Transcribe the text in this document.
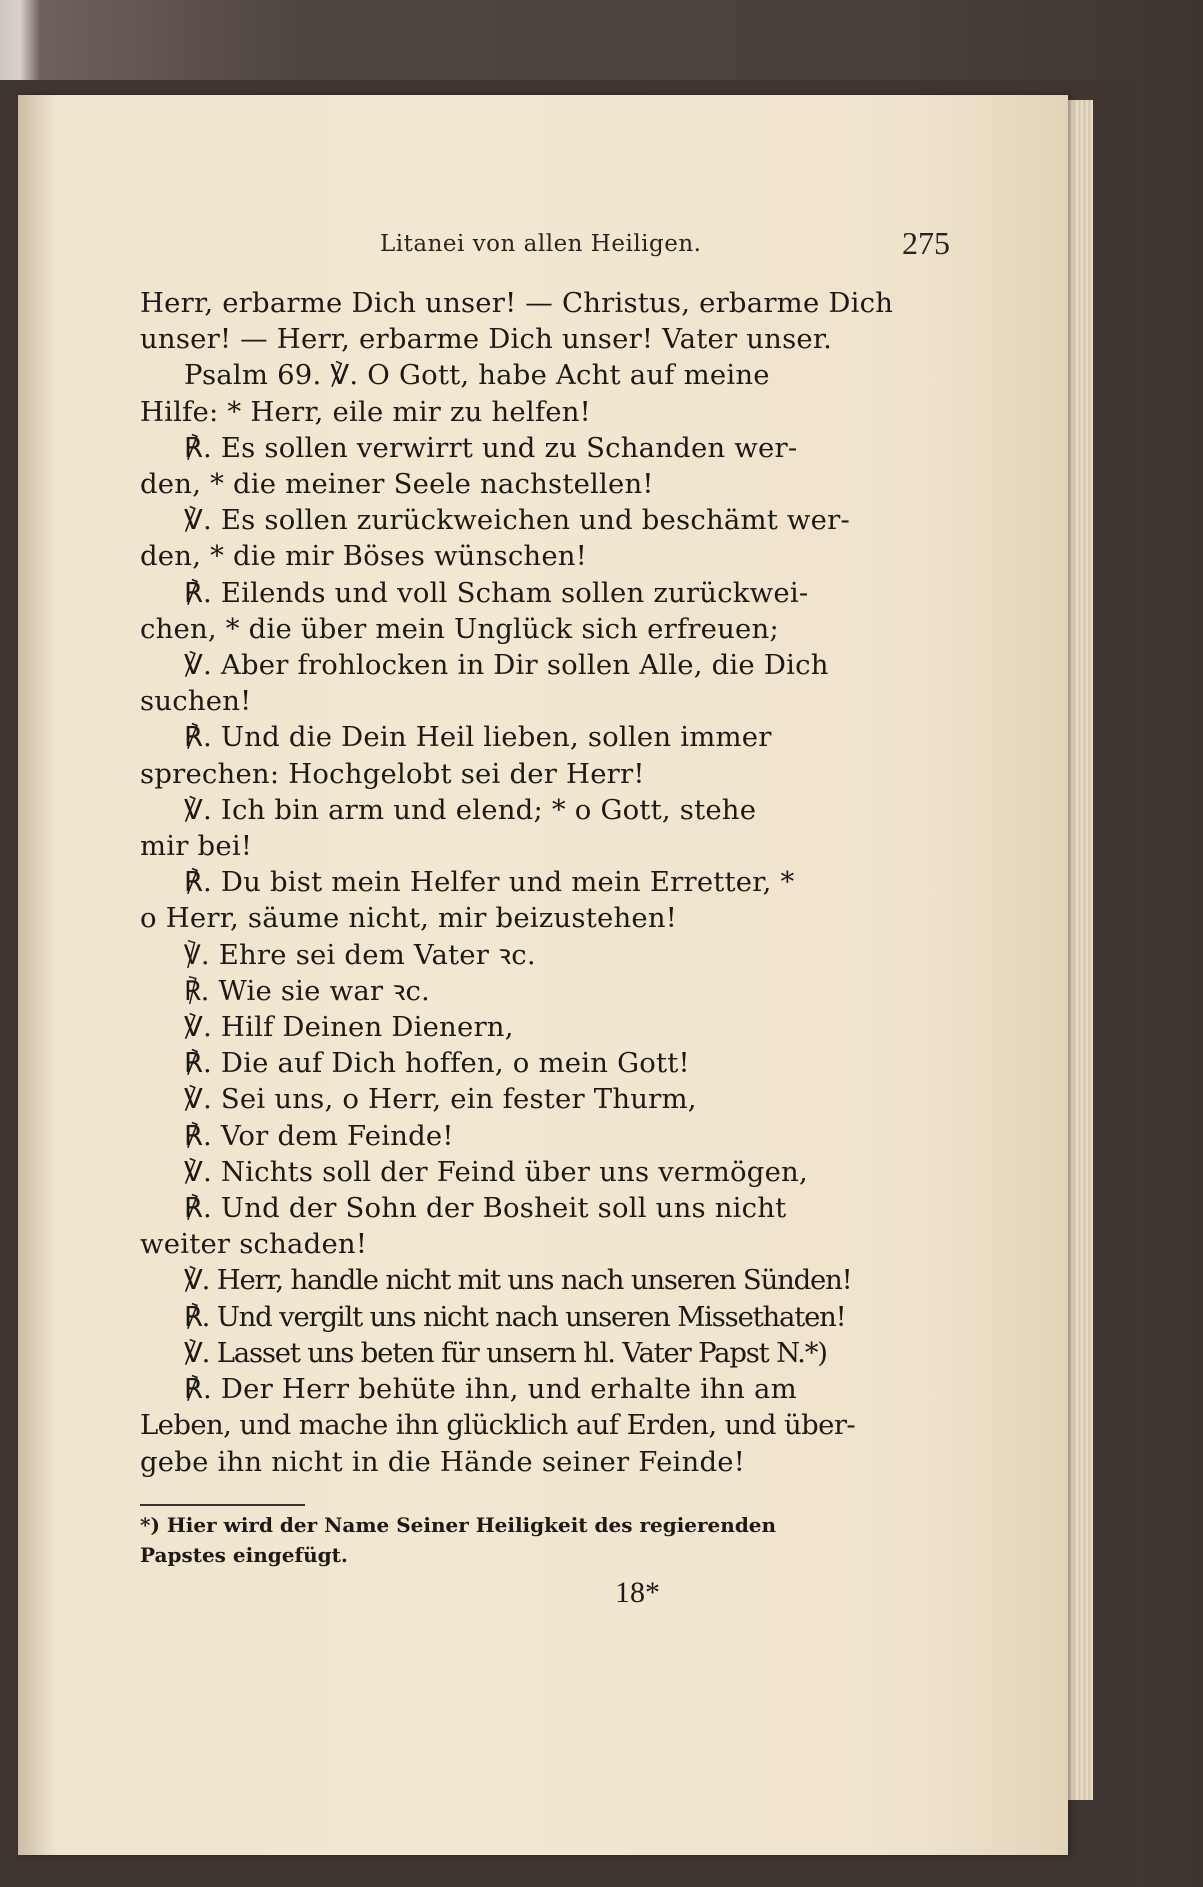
Litanei von allen Heiligen.	275
Herr, erbarme Dich unser! — Christus, erbarme Dich
unser! — Herr, erbarme Dich unser! Vater unser.
Psalm 69. ℣. O Gott, habe Acht auf meine
Hilfe: * Herr, eile mir zu helfen!
℟. Es sollen verwirrt und zu Schanden wer-
den, * die meiner Seele nachstellen!
℣. Es sollen zurückweichen und beschämt wer-
den, * die mir Böses wünschen!
℟. Eilends und voll Scham sollen zurückwei-
chen, * die über mein Unglück sich erfreuen;
℣. Aber frohlocken in Dir sollen Alle, die Dich
suchen!
℟. Und die Dein Heil lieben, sollen immer
sprechen: Hochgelobt sei der Herr!
℣. Ich bin arm und elend; * o Gott, stehe
mir bei!
℟. Du bist mein Helfer und mein Erretter, *
o Herr, säume nicht, mir beizustehen!
℣. Ehre sei dem Vater ꝛc.
℟. Wie sie war ꝛc.
℣. Hilf Deinen Dienern,
℟. Die auf Dich hoffen, o mein Gott!
℣. Sei uns, o Herr, ein fester Thurm,
℟. Vor dem Feinde!
℣. Nichts soll der Feind über uns vermögen,
℟. Und der Sohn der Bosheit soll uns nicht
weiter schaden!
℣. Herr, handle nicht mit uns nach unseren Sünden!
℟. Und vergilt uns nicht nach unseren Missethaten!
℣. Lasset uns beten für unsern hl. Vater Papst N.*)
℟. Der Herr behüte ihn, und erhalte ihn am
Leben, und mache ihn glücklich auf Erden, und über-
gebe ihn nicht in die Hände seiner Feinde!
*) Hier wird der Name Seiner Heiligkeit des regierenden
Papstes eingefügt.
18*
